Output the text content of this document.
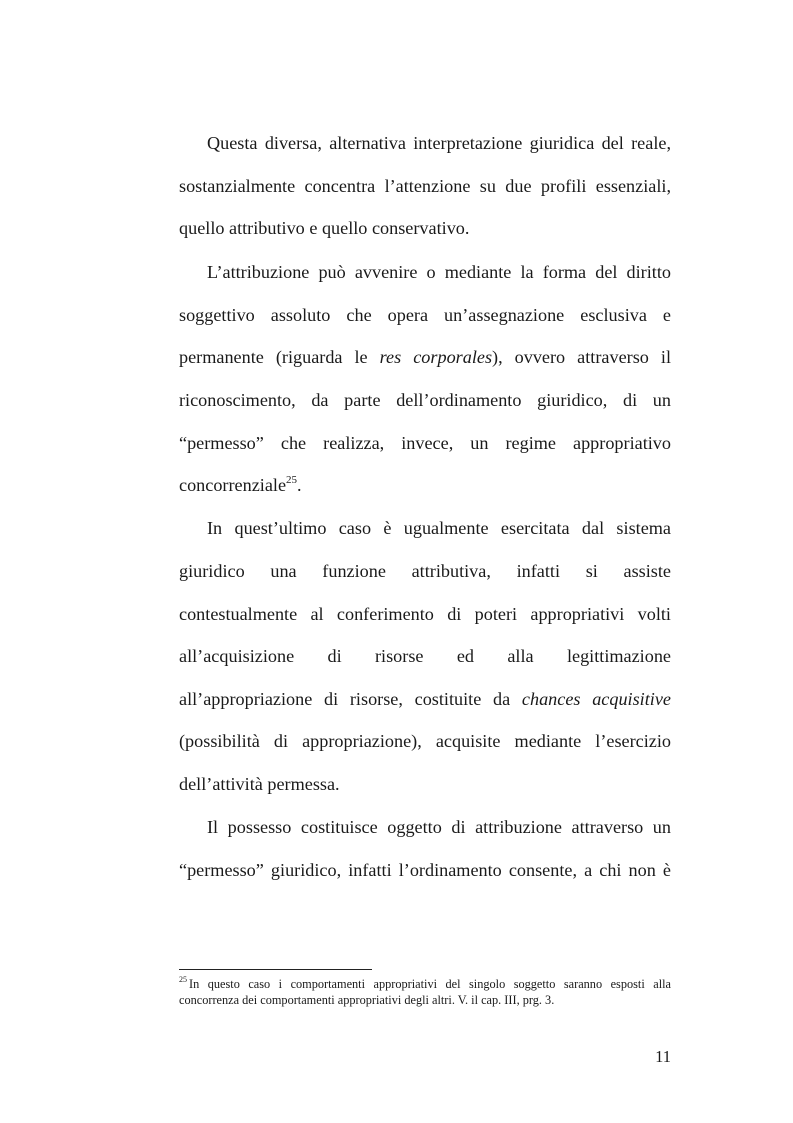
Questa diversa, alternativa interpretazione giuridica del reale,
sostanzialmente concentra l’attenzione su due profili essenziali,
quello attributivo e quello conservativo.
L’attribuzione può avvenire o mediante la forma del diritto
soggettivo assoluto che opera un’assegnazione esclusiva e
permanente (riguarda le res corporales), ovvero attraverso il
riconoscimento, da parte dell’ordinamento giuridico, di un
“permesso” che realizza, invece, un regime appropriativo
concorrenziale$^{25}$.
In quest’ultimo caso è ugualmente esercitata dal sistema
giuridico una funzione attributiva, infatti si assiste
contestualmente al conferimento di poteri appropriativi volti
all’acquisizione di risorse ed alla legittimazione
all’appropriazione di risorse, costituite da chances acquisitive
(possibilità di appropriazione), acquisite mediante l’esercizio
dell’attività permessa.
Il possesso costituisce oggetto di attribuzione attraverso un
“permesso” giuridico, infatti l’ordinamento consente, a chi non è
$^{25}$ In questo caso i comportamenti appropriativi del singolo soggetto saranno esposti alla concorrenza dei comportamenti appropriativi degli altri. V. il cap. III, prg. 3.
11
